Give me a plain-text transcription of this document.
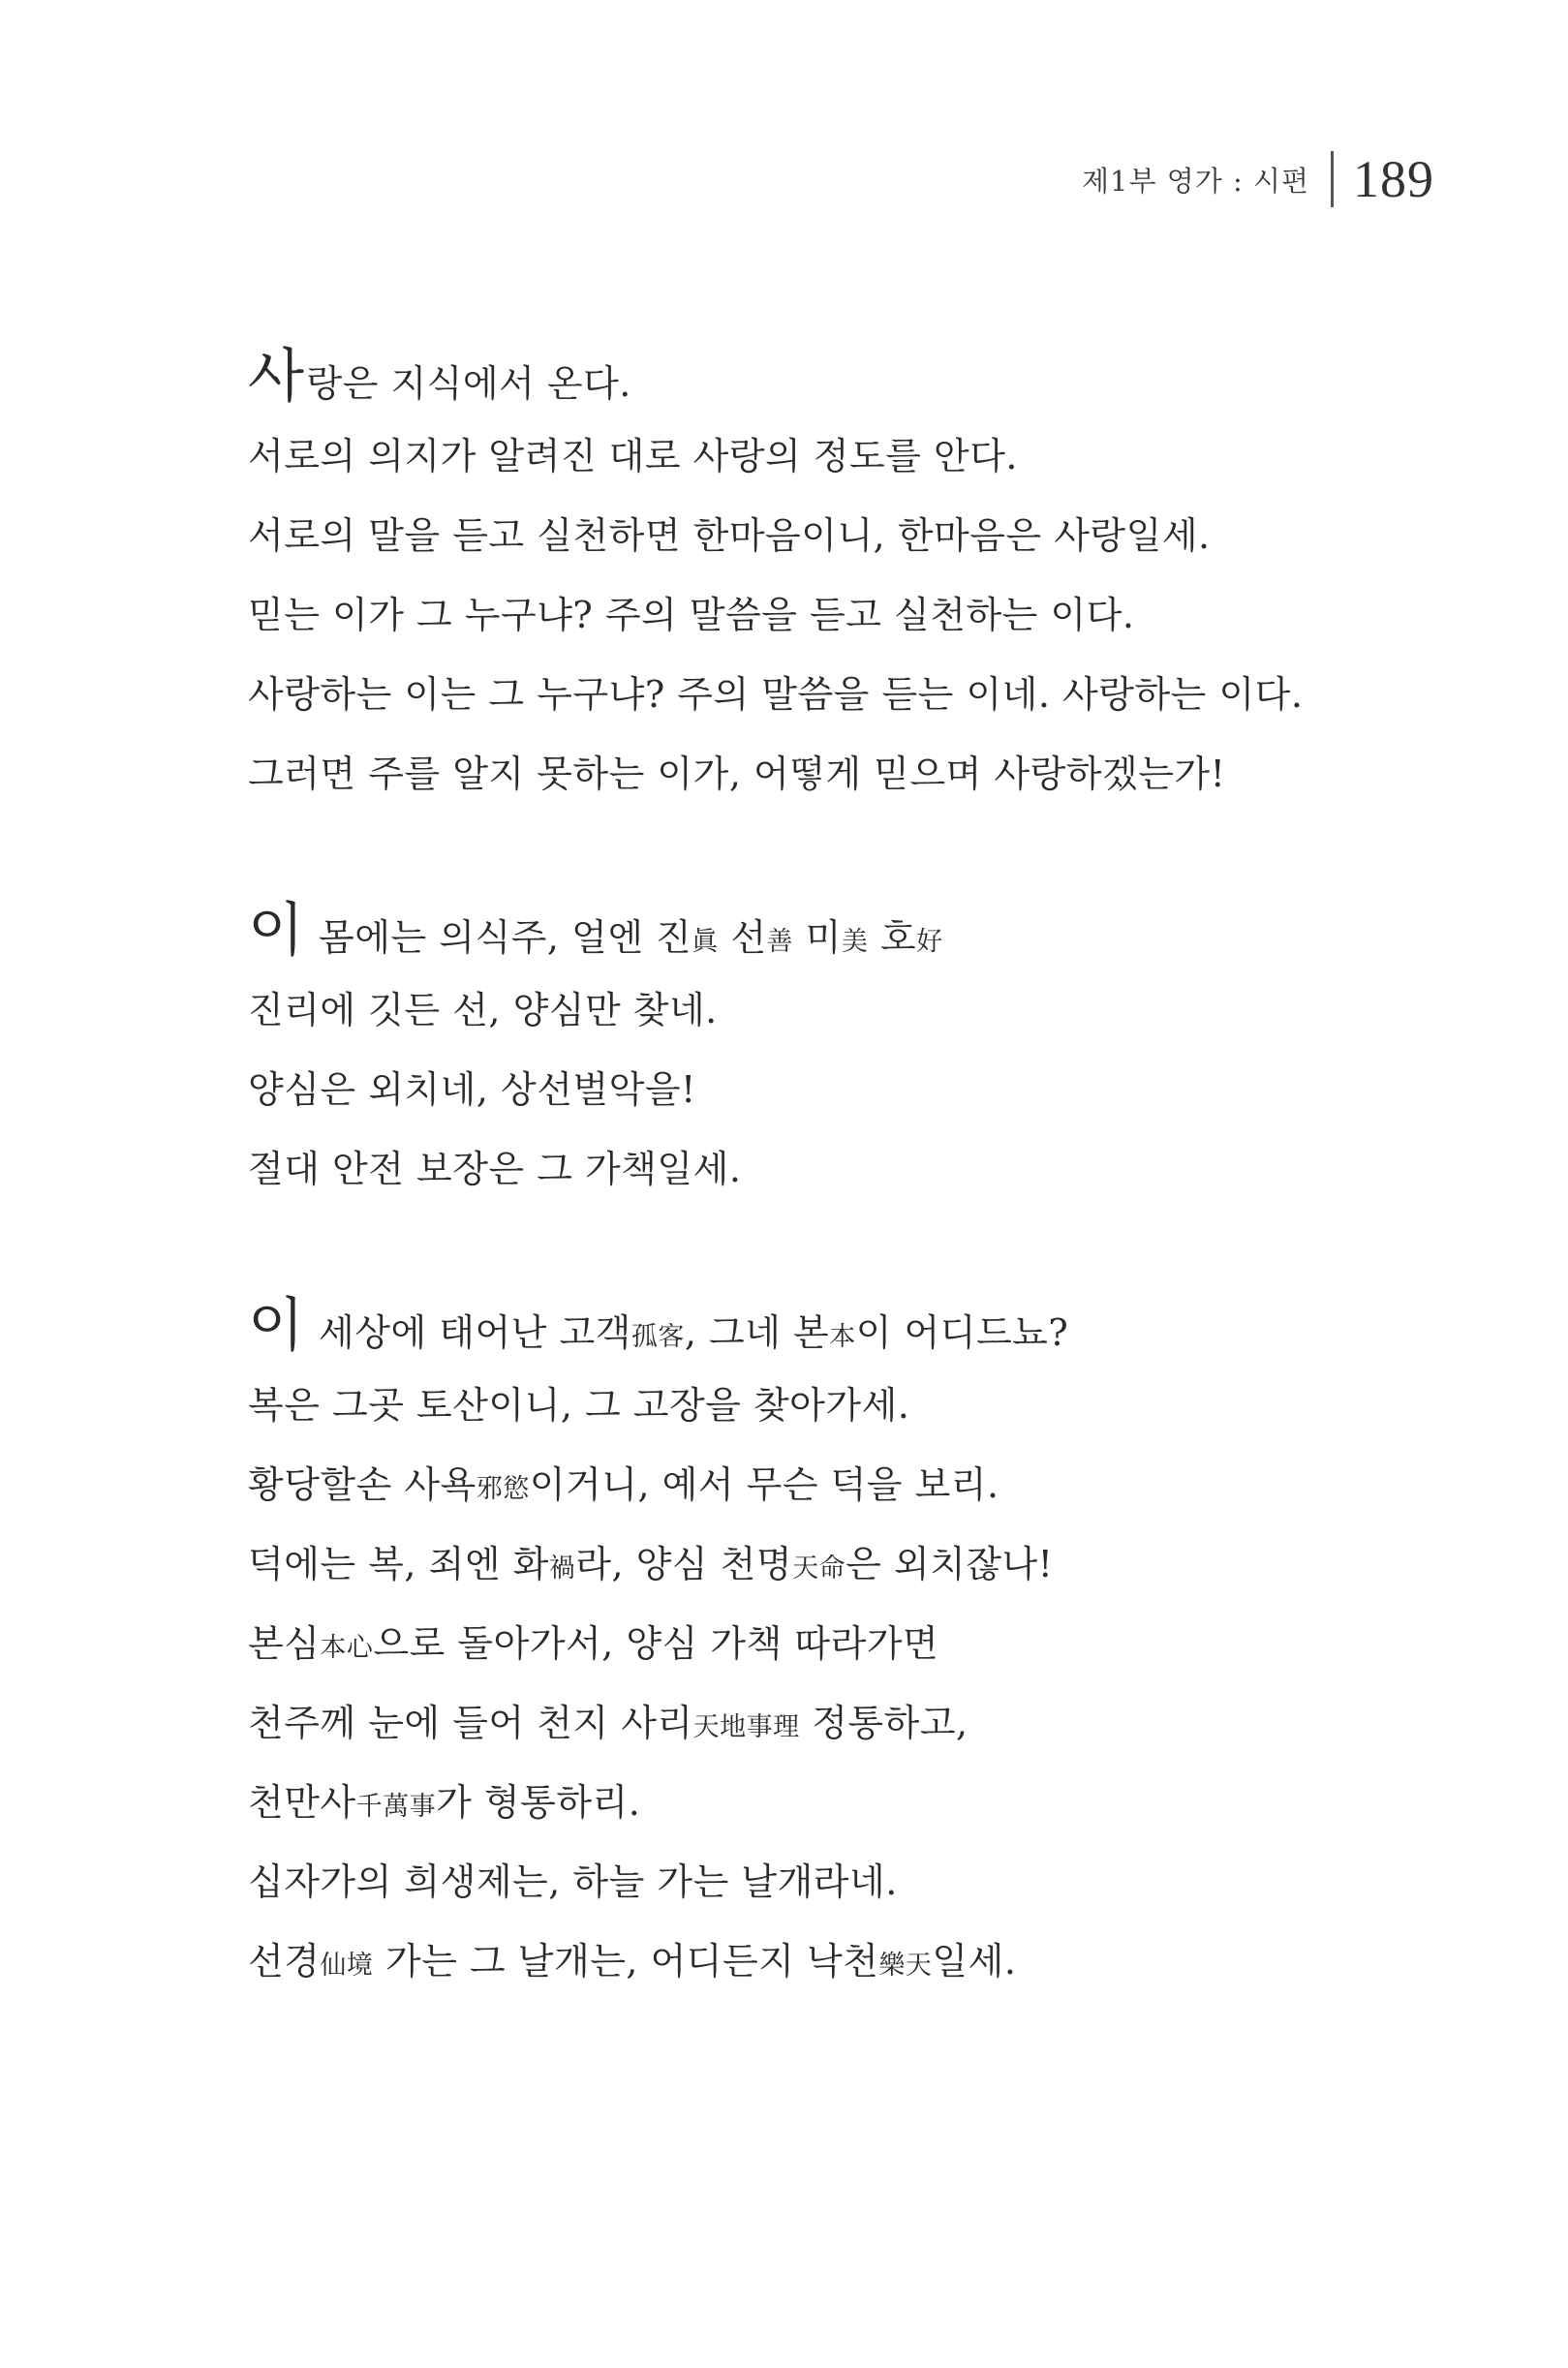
제1부 영가 : 시편 189
사랑은 지식에서 온다.
서로의 의지가 알려진 대로 사랑의 정도를 안다.
서로의 말을 듣고 실천하면 한마음이니, 한마음은 사랑일세.
믿는 이가 그 누구냐? 주의 말씀을 듣고 실천하는 이다.
사랑하는 이는 그 누구냐? 주의 말씀을 듣는 이네. 사랑하는 이다.
그러면 주를 알지 못하는 이가, 어떻게 믿으며 사랑하겠는가!
이 몸에는 의식주, 얼엔 진眞 선善 미美 호好
진리에 깃든 선, 양심만 찾네.
양심은 외치네, 상선벌악을!
절대 안전 보장은 그 가책일세.
이 세상에 태어난 고객孤客, 그네 본本이 어디드뇨?
복은 그곳 토산이니, 그 고장을 찾아가세.
황당할손 사욕邪慾이거니, 예서 무슨 덕을 보리.
덕에는 복, 죄엔 화禍라, 양심 천명天命은 외치잖나!
본심本心으로 돌아가서, 양심 가책 따라가면
천주께 눈에 들어 천지 사리天地事理 정통하고,
천만사千萬事가 형통하리.
십자가의 희생제는, 하늘 가는 날개라네.
선경仙境 가는 그 날개는, 어디든지 낙천樂天일세.
